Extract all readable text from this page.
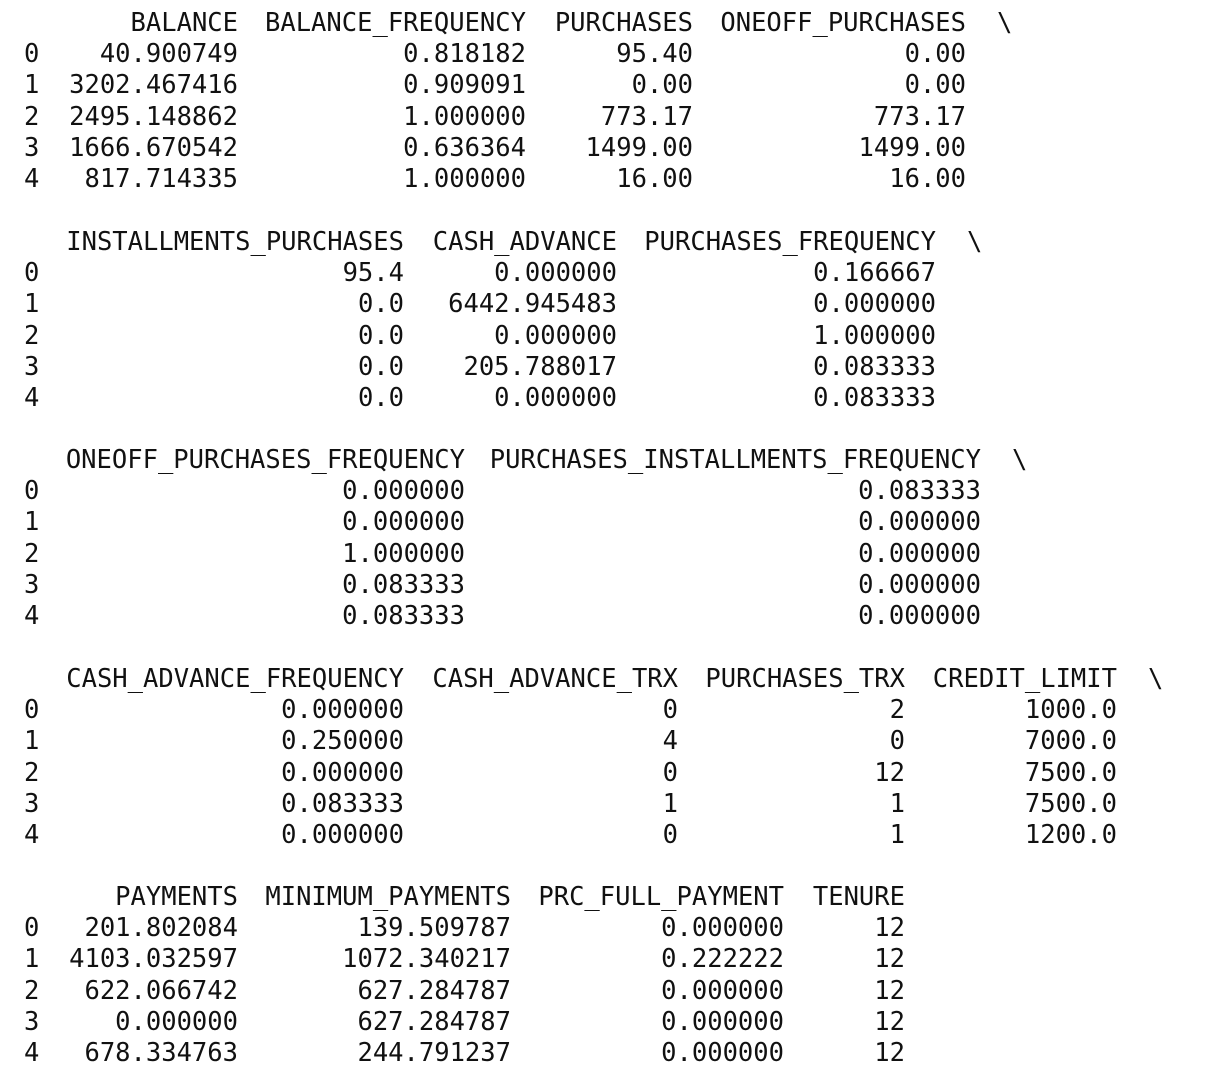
BALANCE BALANCE_FREQUENCY PURCHASES ONEOFF_PURCHASES \
0 40.900749	0.818182	95.40	0.00
1 3202.467416	0.909091	0.00	0.00
2 2495.148862	1.000000	773.17	773.17
3 1666.670542	0.636364 1499.00	1499.00
4 817.714335	1.000000	16.00	16.00
INSTALLMENTS_PURCHASES CASH_ADVANCE PURCHASES_FREQUENCY \
0	95.4	0.000000	0.166667
1	0.0 6442.945483	0.000000
2	0.0	0.000000	1.000000
3	0.0 205.788017	0.083333
4	0.0	0.000000	0.083333
ONEOFF_PURCHASES_FREQUENCY PURCHASES_INSTALLMENTS_FREQUENCY \
0	0.000000	0.083333
1	0.000000	0.000000
2	1.000000	0.000000
3	0.083333	0.000000
4	0.083333	0.000000
CASH_ADVANCE_FREQUENCY CASH_ADVANCE_TRX PURCHASES_TRX CREDIT_LIMIT \
0	0.000000	0	2	1000.0
1	0.250000	4	0	7000.0
2	0.000000	0	12	7500.0
3	0.083333	1	1	7500.0
4	0.000000	0	1	1200.0
PAYMENTS MINIMUM_PAYMENTS PRC_FULL_PAYMENT TENURE
0 201.802084	139.509787	0.000000	12
1 4103.032597	1072.340217	0.222222	12
2 622.066742	627.284787	0.000000	12
3	0.000000	627.284787	0.000000	12
4 678.334763	244.791237	0.000000	12
